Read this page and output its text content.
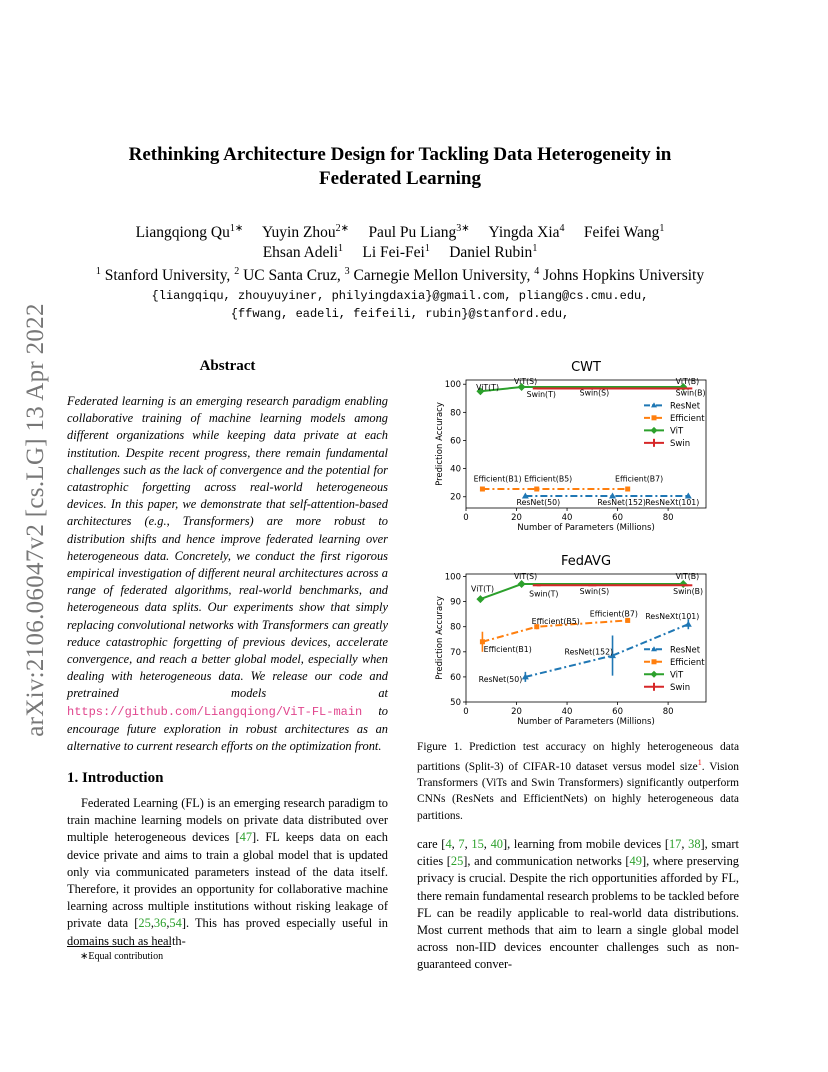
arXiv:2106.06047v2 [cs.LG] 13 Apr 2022
Rethinking Architecture Design for Tackling Data Heterogeneity in
Federated Learning
Liangqiong $Qu^{1∗}$  Yuyin Zhou$^{2∗}$  Paul Pu Liang$^{3∗}$  Yingda Xia$^4$  Feifei Wang$^1$
Ehsan Adeli$^1$  Li Fei-Fei$^1$  Daniel Rubin$^1$
$^1$ Stanford University, $^2$ UC Santa Cruz, $^3$ Carnegie Mellon University, $^4$ Johns Hopkins University
{liangqiqu, zhouyuyiner, philyingdaxia}@gmail.com, pliang@cs.cmu.edu,
{ffwang, eadeli, feifeili, rubin}@stanford.edu,
Abstract
Federated learning is an emerging research paradigm enabling collaborative training of machine learning models among different organizations while keeping data private at each institution. Despite recent progress, there remain fundamental challenges such as the lack of convergence and the potential for catastrophic forgetting across real-world heterogeneous devices. In this paper, we demonstrate that self-attention-based architectures (e.g., Transformers) are more robust to distribution shifts and hence improve federated learning over heterogeneous data. Concretely, we conduct the first rigorous empirical investigation of different neural architectures across a range of federated algorithms, real-world benchmarks, and heterogeneous data splits. Our experiments show that simply replacing convolutional networks with Transformers can greatly reduce catastrophic forgetting of previous devices, accelerate convergence, and reach a better global model, especially when dealing with heterogeneous data. We release our code and pretrained models at https://github.com/Liangqiong/ViT-FL-main to encourage future exploration in robust architectures as an alternative to current research efforts on the optimization front.
1. Introduction
Federated Learning (FL) is an emerging research paradigm to train machine learning models on private data distributed over multiple heterogeneous devices [47]. FL keeps data on each device private and aims to train a global model that is updated only via communicated parameters instead of the data itself. Therefore, it provides an opportunity for collaborative machine learning across multiple institutions without risking leakage of private data [25,36,54]. This has proved especially useful in domains such as health-
∗Equal contribution
CWT
0	20	40	60	80
20
40
60
80
100
Number of Parameters (Millions)
Prediction Accuracy
ResNet(50)	ResNet(152) ResNeXt(101)
Efficient(B1) Efficient(B5)	Efficient(B7)
ViT(T)
ViT(S)	ViT(B)
Swin(T)	Swin(S)	Swin(B)
ResNet
Efficient
ViT
Swin
FedAVG
0	20	40	60	80
50
60
70
80
90
100
Number of Parameters (Millions)
Prediction Accuracy	ResNet(50)
ResNet(152)
ResNeXt(101)
Efficient(B1)
Efficient(B5)
Efficient(B7)
ViT(T)
ViT(S)	ViT(B)
Swin(T)	Swin(S)	Swin(B)
ResNet
Efficient
ViT
Swin
Figure 1. Prediction test accuracy on highly heterogeneous data partitions (Split-3) of CIFAR-10 dataset versus model size$^1$. Vision Transformers (ViTs and Swin Transformers) significantly outperform CNNs (ResNets and EfficientNets) on highly heterogeneous data partitions.
care [4, 7, 15, 40], learning from mobile devices [17, 38], smart cities [25], and communication networks [49], where preserving privacy is crucial. Despite the rich opportunities afforded by FL, there remain fundamental research problems to be tackled before FL can be readily applicable to real-world data distributions. Most current methods that aim to learn a single global model across non-IID devices encounter challenges such as non-guaranteed conver-
